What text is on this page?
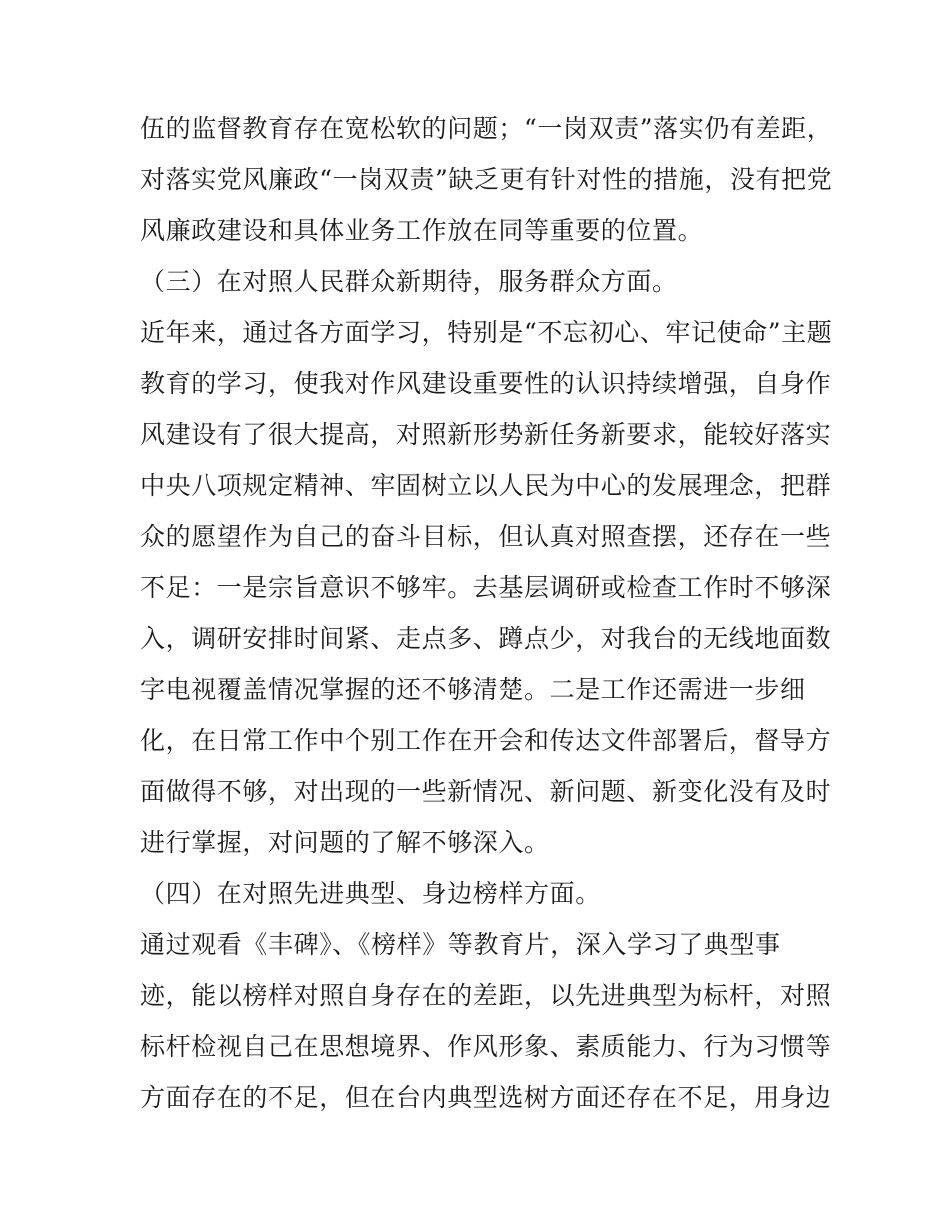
伍的监督教育存在宽松软的问题；“一岗双责”落实仍有差距，
对落实党风廉政“一岗双责”缺乏更有针对性的措施，没有把党
风廉政建设和具体业务工作放在同等重要的位置。
（三）在对照人民群众新期待，服务群众方面。
近年来，通过各方面学习，特别是“不忘初心、牢记使命”主题
教育的学习，使我对作风建设重要性的认识持续增强，自身作
风建设有了很大提高，对照新形势新任务新要求，能较好落实
中央八项规定精神、牢固树立以人民为中心的发展理念，把群
众的愿望作为自己的奋斗目标，但认真对照查摆，还存在一些
不足：一是宗旨意识不够牢。去基层调研或检查工作时不够深
入，调研安排时间紧、走点多、蹲点少，对我台的无线地面数
字电视覆盖情况掌握的还不够清楚。二是工作还需进一步细
化，在日常工作中个别工作在开会和传达文件部署后，督导方
面做得不够，对出现的一些新情况、新问题、新变化没有及时
进行掌握，对问题的了解不够深入。
（四）在对照先进典型、身边榜样方面。
通过观看《丰碑》、《榜样》等教育片，深入学习了典型事
迹，能以榜样对照自身存在的差距，以先进典型为标杆，对照
标杆检视自己在思想境界、作风形象、素质能力、行为习惯等
方面存在的不足，但在台内典型选树方面还存在不足，用身边
